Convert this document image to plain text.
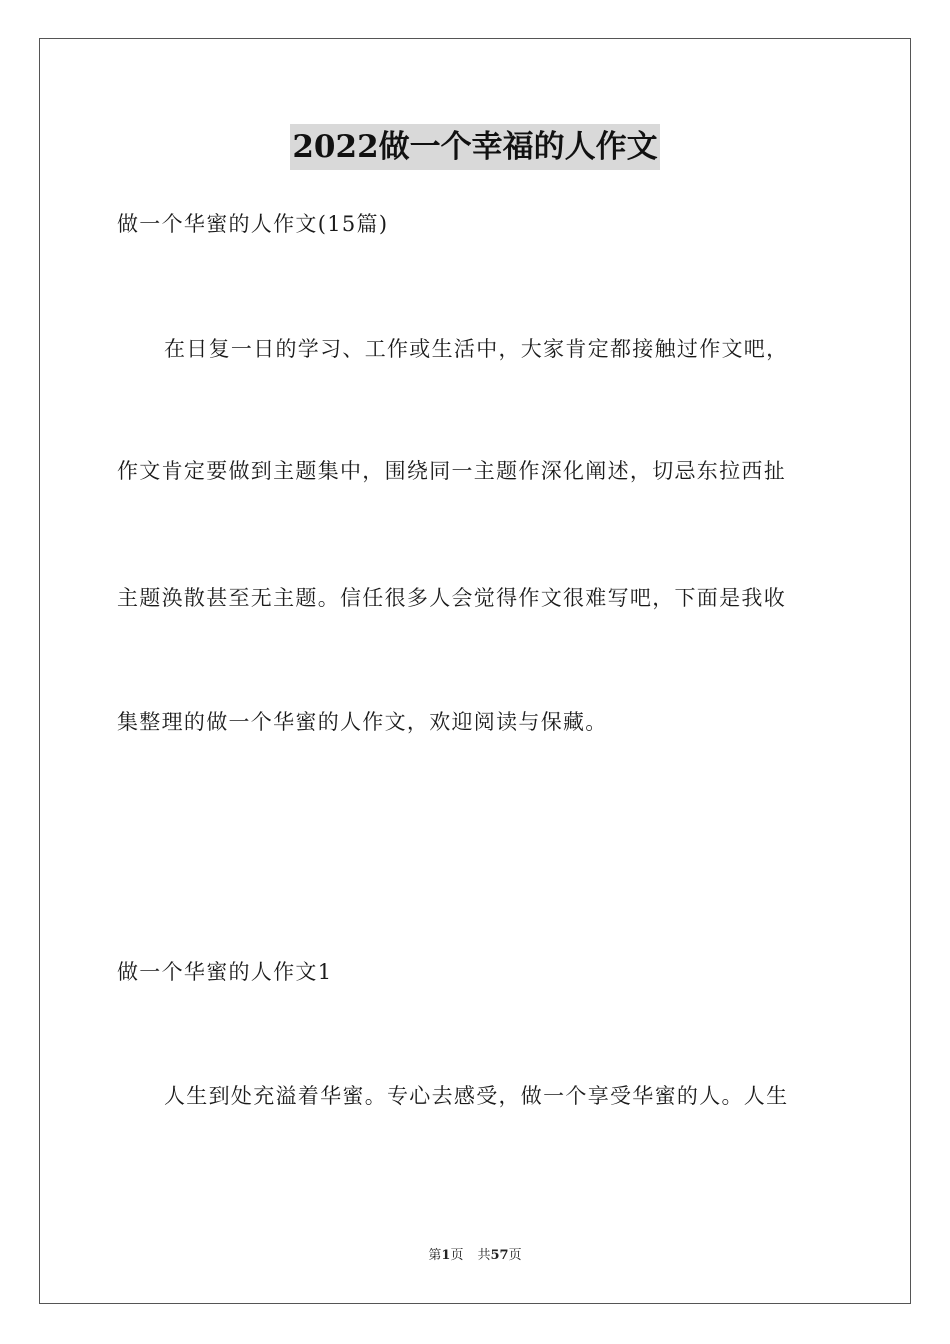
2022做一个幸福的人作文
做一个华蜜的人作文(15篇)
在日复一日的学习、工作或生活中，大家肯定都接触过作文吧，
作文肯定要做到主题集中，围绕同一主题作深化阐述，切忌东拉西扯
主题涣散甚至无主题。信任很多人会觉得作文很难写吧，下面是我收
集整理的做一个华蜜的人作文，欢迎阅读与保藏。
做一个华蜜的人作文1
人生到处充溢着华蜜。专心去感受，做一个享受华蜜的人。人生
第1页 共57页
